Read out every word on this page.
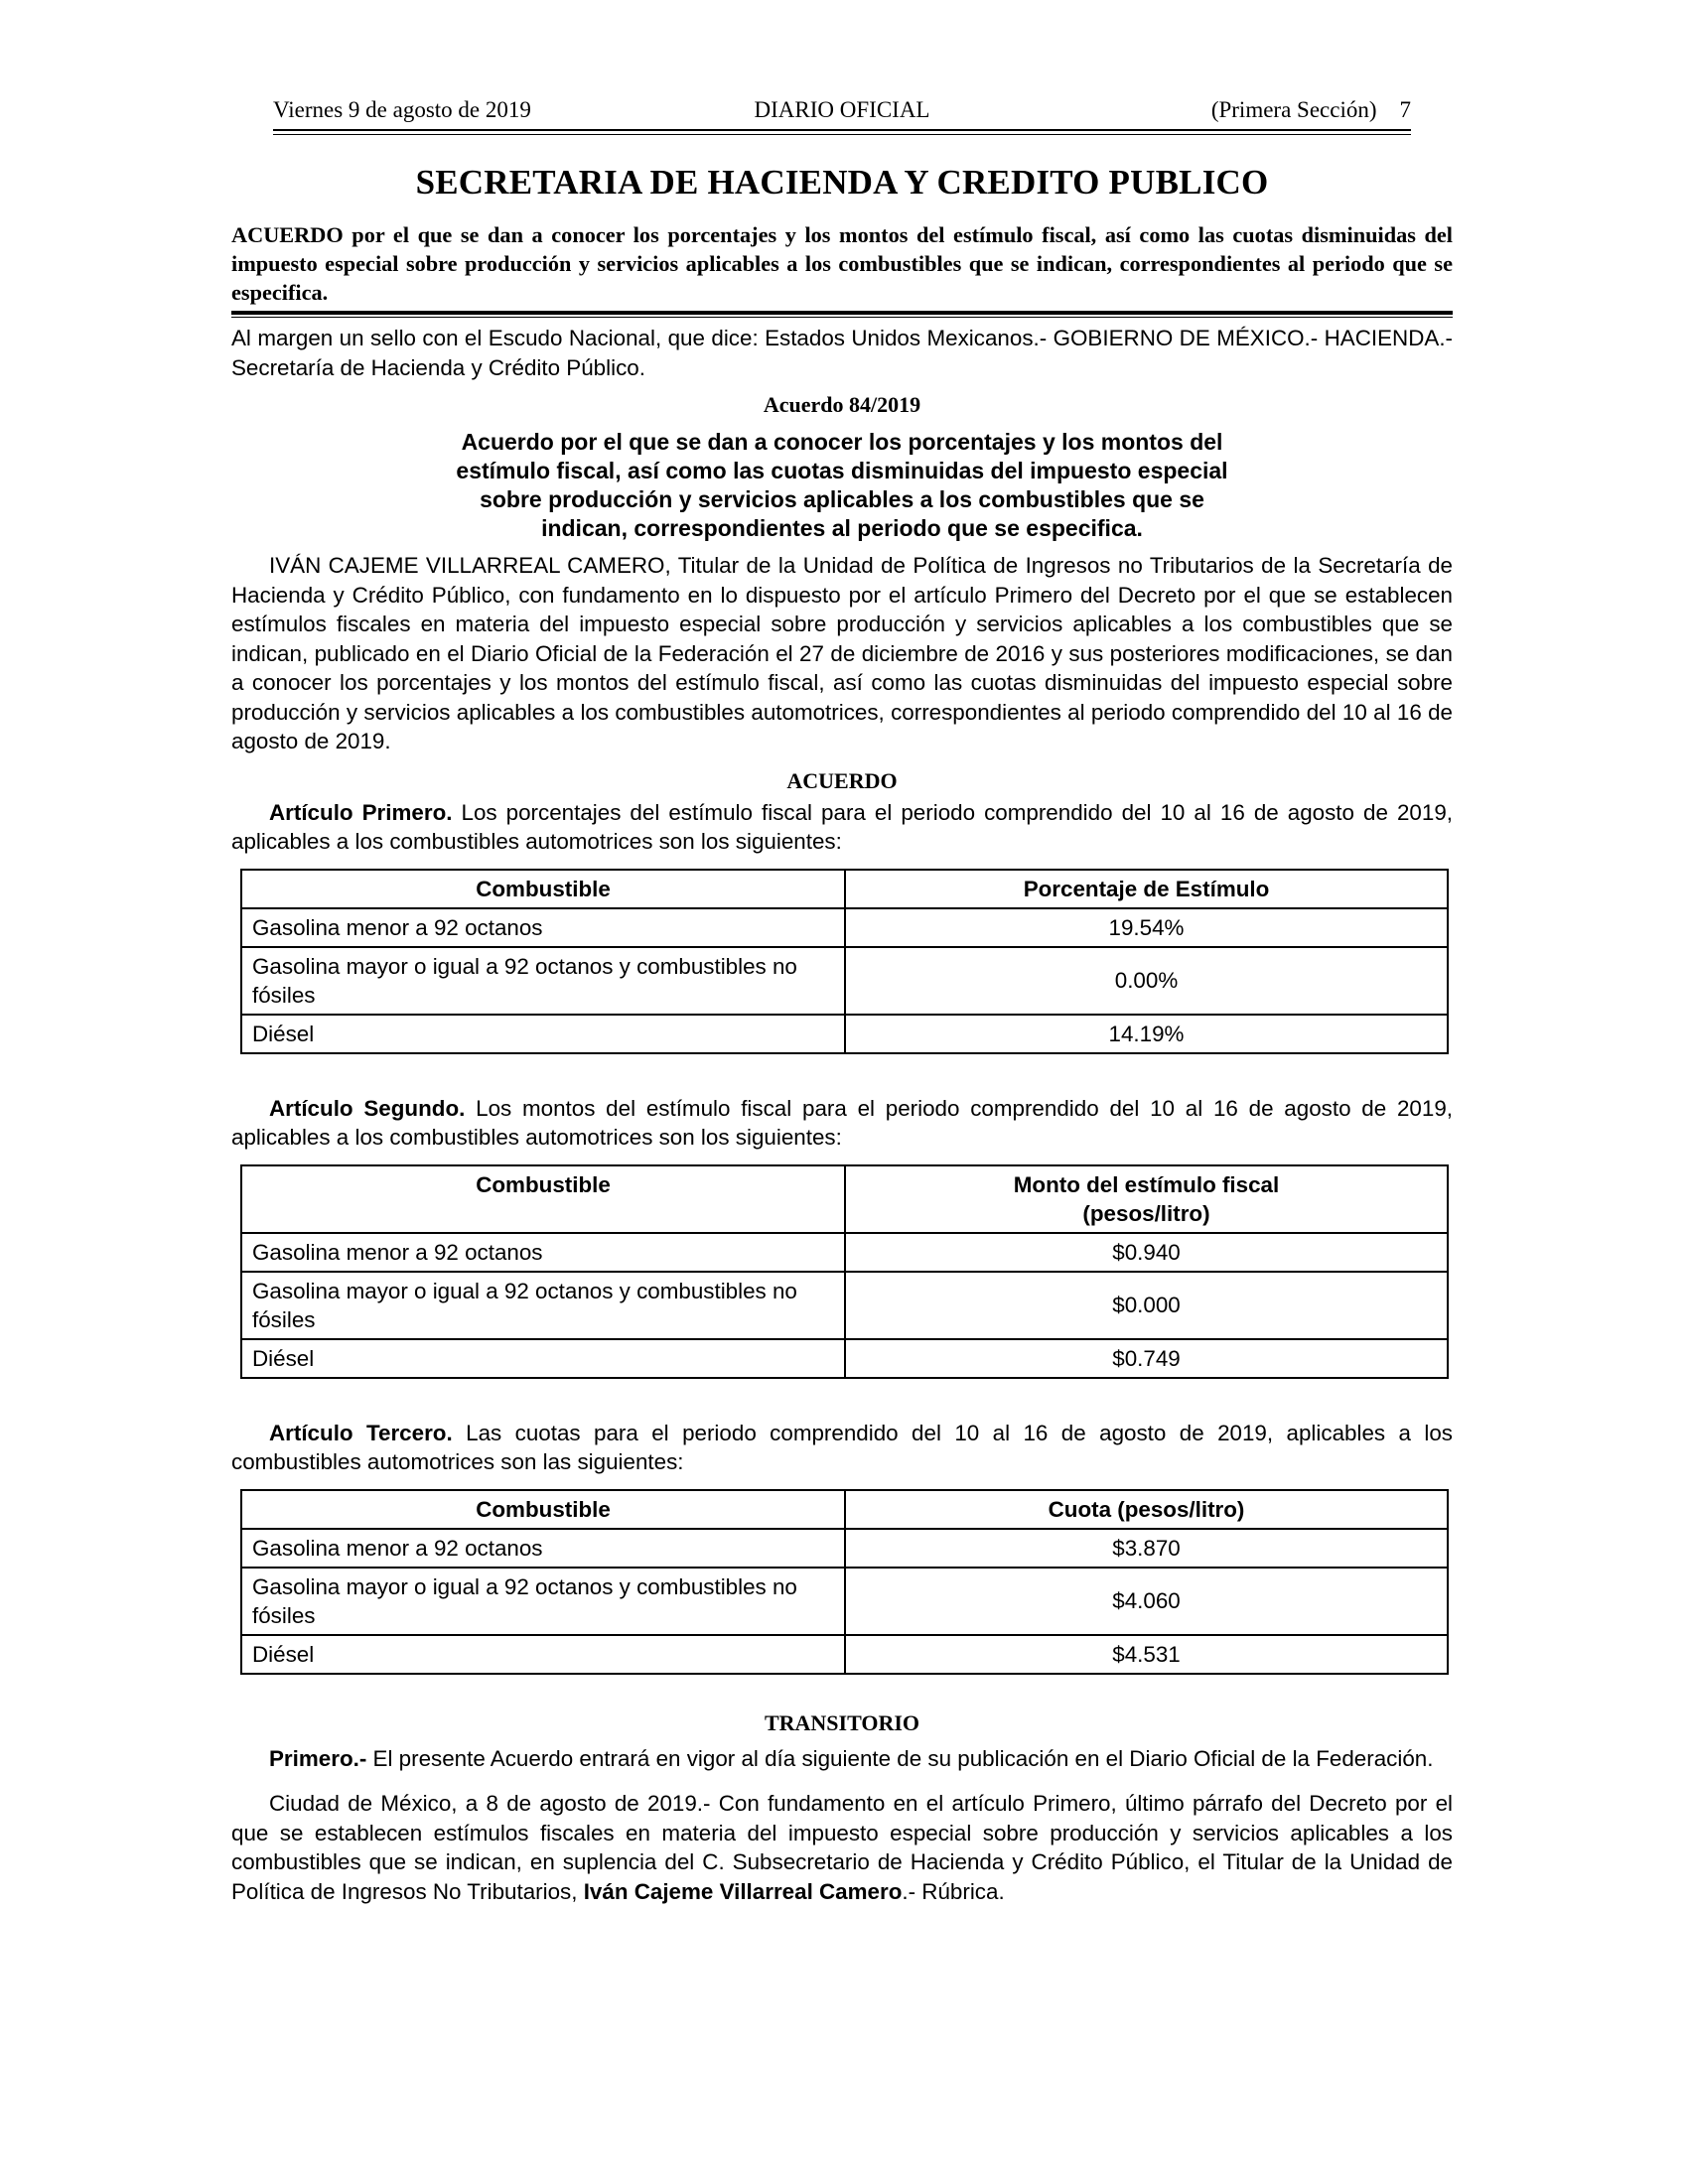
Viernes 9 de agosto de 2019	DIARIO OFICIAL	(Primera Sección) 7
SECRETARIA DE HACIENDA Y CREDITO PUBLICO
ACUERDO por el que se dan a conocer los porcentajes y los montos del estímulo fiscal, así como las cuotas disminuidas del impuesto especial sobre producción y servicios aplicables a los combustibles que se indican, correspondientes al periodo que se especifica.

Al margen un sello con el Escudo Nacional, que dice: Estados Unidos Mexicanos.- GOBIERNO DE MÉXICO.- HACIENDA.- Secretaría de Hacienda y Crédito Público.

Acuerdo 84/2019
Acuerdo por el que se dan a conocer los porcentajes y los montos del
estímulo fiscal, así como las cuotas disminuidas del impuesto especial
sobre producción y servicios aplicables a los combustibles que se
indican, correspondientes al periodo que se especifica.

IVÁN CAJEME VILLARREAL CAMERO, Titular de la Unidad de Política de Ingresos no Tributarios de la Secretaría de Hacienda y Crédito Público, con fundamento en lo dispuesto por el artículo Primero del Decreto por el que se establecen estímulos fiscales en materia del impuesto especial sobre producción y servicios aplicables a los combustibles que se indican, publicado en el Diario Oficial de la Federación el 27 de diciembre de 2016 y sus posteriores modificaciones, se dan a conocer los porcentajes y los montos del estímulo fiscal, así como las cuotas disminuidas del impuesto especial sobre producción y servicios aplicables a los combustibles automotrices, correspondientes al periodo comprendido del 10 al 16 de agosto de 2019.

ACUERDO

Artículo Primero. Los porcentajes del estímulo fiscal para el periodo comprendido del 10 al 16 de agosto de 2019, aplicables a los combustibles automotrices son los siguientes:

Combustible	Porcentaje de Estímulo
Gasolina menor a 92 octanos	19.54%
Gasolina mayor o igual a 92 octanos y combustibles no fósiles	0.00%
Diésel	14.19%

Artículo Segundo. Los montos del estímulo fiscal para el periodo comprendido del 10 al 16 de agosto de 2019, aplicables a los combustibles automotrices son los siguientes:

Combustible	Monto del estímulo fiscal (pesos/litro)
Gasolina menor a 92 octanos	$0.940
Gasolina mayor o igual a 92 octanos y combustibles no fósiles	$0.000
Diésel	$0.749

Artículo Tercero. Las cuotas para el periodo comprendido del 10 al 16 de agosto de 2019, aplicables a los combustibles automotrices son las siguientes:

Combustible	Cuota (pesos/litro)
Gasolina menor a 92 octanos	$3.870
Gasolina mayor o igual a 92 octanos y combustibles no fósiles	$4.060
Diésel	$4.531
TRANSITORIO

Primero.- El presente Acuerdo entrará en vigor al día siguiente de su publicación en el Diario Oficial de la Federación.

Ciudad de México, a 8 de agosto de 2019.- Con fundamento en el artículo Primero, último párrafo del Decreto por el que se establecen estímulos fiscales en materia del impuesto especial sobre producción y servicios aplicables a los combustibles que se indican, en suplencia del C. Subsecretario de Hacienda y Crédito Público, el Titular de la Unidad de Política de Ingresos No Tributarios, Iván Cajeme Villarreal Camero.- Rúbrica.
